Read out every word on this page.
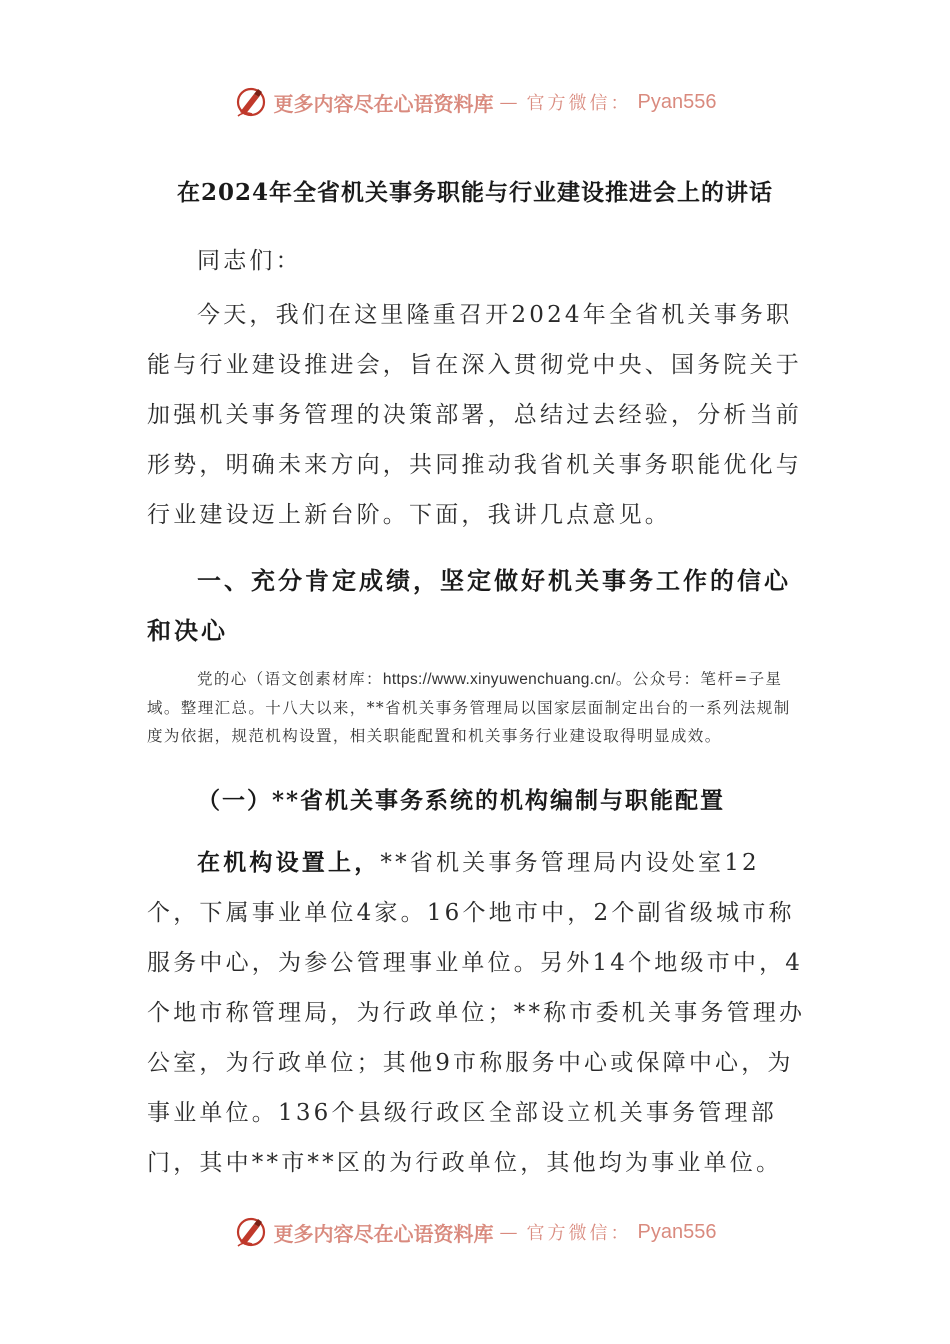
更多内容尽在心语资料库 — 官方微信： Pyan556
在2024年全省机关事务职能与行业建设推进会上的讲话
同志们：
今天，我们在这里隆重召开2024年全省机关事务职能与行业建设推进会，旨在深入贯彻党中央、国务院关于加强机关事务管理的决策部署，总结过去经验，分析当前形势，明确未来方向，共同推动我省机关事务职能优化与行业建设迈上新台阶。下面，我讲几点意见。
一、充分肯定成绩，坚定做好机关事务工作的信心和决心
党的心（语文创素材库：https://www.xinyuwenchuang.cn/。公众号：笔杆=子星域。整理汇总。十八大以来，**省机关事务管理局以国家层面制定出台的一系列法规制度为依据，规范机构设置，相关职能配置和机关事务行业建设取得明显成效。
（一）**省机关事务系统的机构编制与职能配置
在机构设置上，**省机关事务管理局内设处室12个，下属事业单位4家。16个地市中，2个副省级城市称服务中心，为参公管理事业单位。另外14个地级市中，4个地市称管理局，为行政单位；**称市委机关事务管理办公室，为行政单位；其他9市称服务中心或保障中心，为事业单位。136个县级行政区全部设立机关事务管理部门，其中**市**区的为行政单位，其他均为事业单位。
更多内容尽在心语资料库 — 官方微信： Pyan556
